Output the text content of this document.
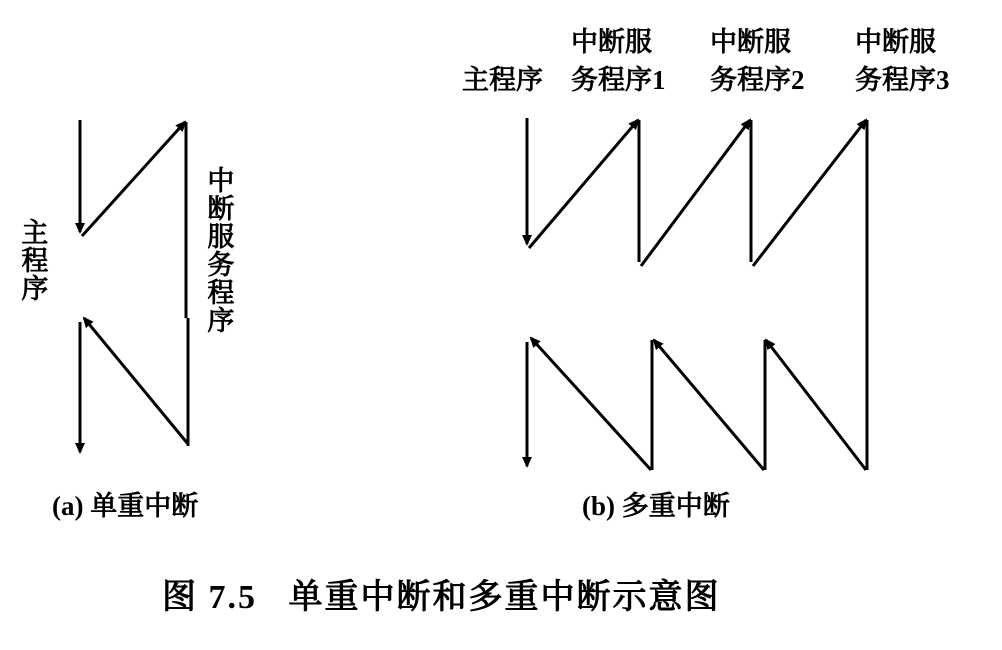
主程序	中断服务程序
(a) 单重中断
主程序
中断服
务程序1
中断服
务程序2
中断服
务程序3
(b) 多重中断
图 7.5   单重中断和多重中断示意图
